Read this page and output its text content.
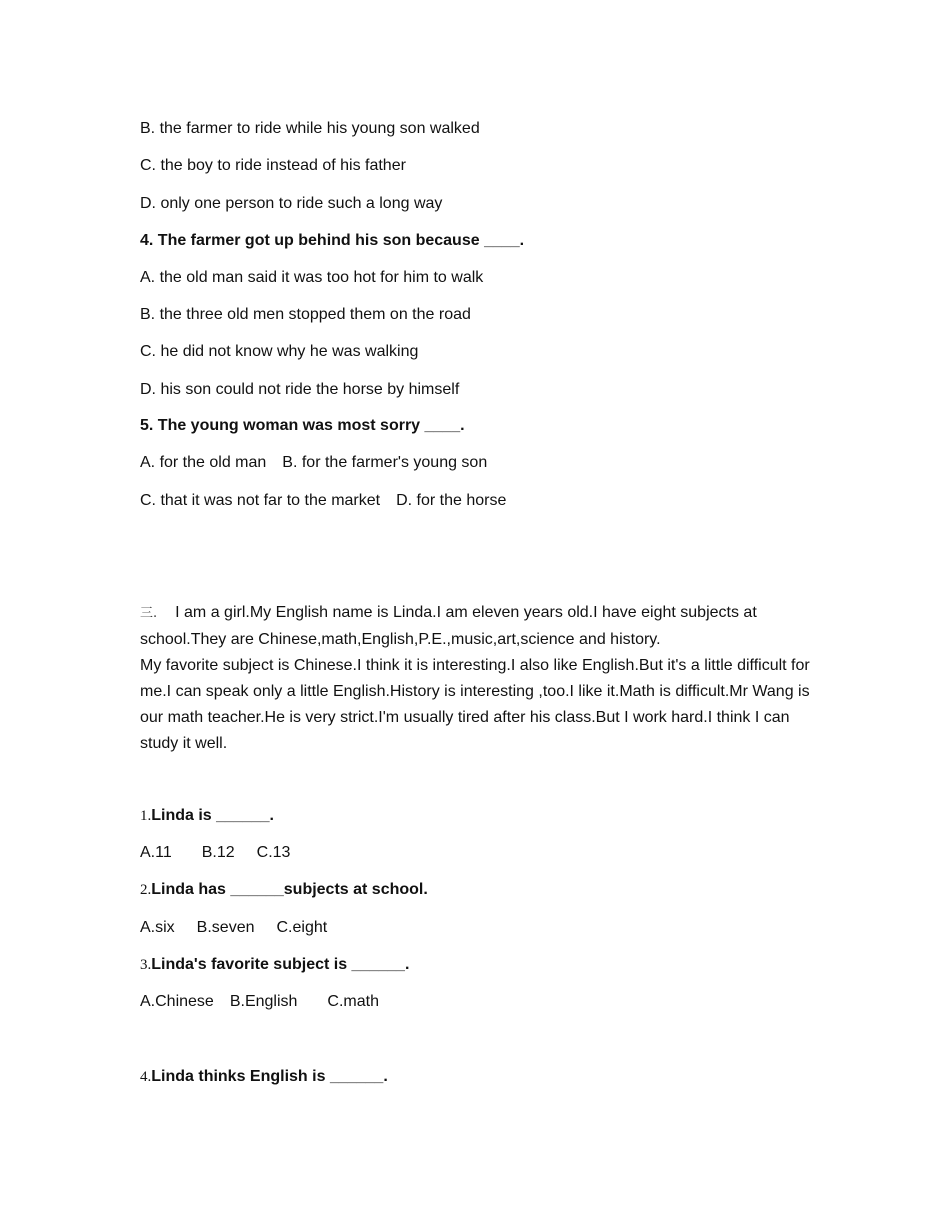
B. the farmer to ride while his young son walked
C. the boy to ride instead of his father
D. only one person to ride such a long way
4. The farmer got up behind his son because ____.
A. the old man said it was too hot for him to walk
B. the three old men stopped them on the road
C. he did not know why he was walking
D. his son could not ride the horse by himself
5. The young woman was most sorry ____.
A. for the old man B. for the farmer's young son
C. that it was not far to the market D. for the horse

三. I am a girl.My English name is Linda.I am eleven years old.I have eight subjects at school.They are Chinese,math,English,P.E.,music,art,science and history.

My favorite subject is Chinese.I think it is interesting.I also like English.But it's a little difficult for me.I can speak only a little English.History is interesting ,too.I like it.Math is difficult.Mr Wang is our math teacher.He is very strict.I'm usually tired after his class.But I work hard.I think I can study it well.

1.Linda is ______.
A.11 B.12 C.13
2.Linda has ______subjects at school.
A.six B.seven C.eight
3.Linda's favorite subject is ______.
A.Chinese B.English C.math
4.Linda thinks English is ______.
